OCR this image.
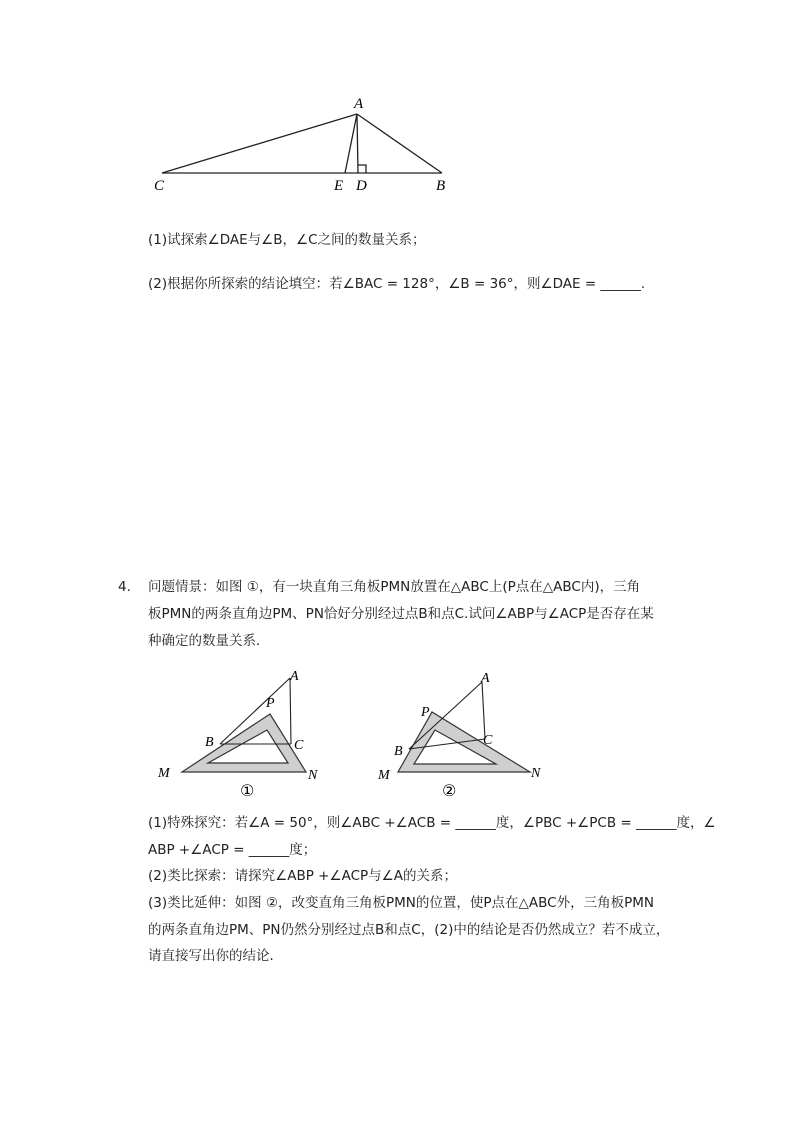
A
C	E D	B
(1)试探索∠DAE与∠B，∠C之间的数量关系；
(2)根据你所探索的结论填空：若∠BAC = 128°，∠B = 36°，则∠DAE = ______.
4. 问题情景：如图 ①，有一块直角三角板PMN放置在△ABC上(P点在△ABC内)，三角
板PMN的两条直角边PM、PN恰好分别经过点B和点C.试问∠ABP与∠ACP是否存在某
种确定的数量关系．
A
P
B	C
M	N
①
A
P
B
C
M	N
②
(1)特殊探究：若∠A = 50°，则∠ABC +∠ACB = ______度，∠PBC +∠PCB = ______度，∠
ABP +∠ACP = ______度；
(2)类比探索：请探究∠ABP +∠ACP与∠A的关系；
(3)类比延伸：如图 ②，改变直角三角板PMN的位置，使P点在△ABC外，三角板PMN
的两条直角边PM、PN仍然分别经过点B和点C，(2)中的结论是否仍然成立？若不成立，
请直接写出你的结论．
